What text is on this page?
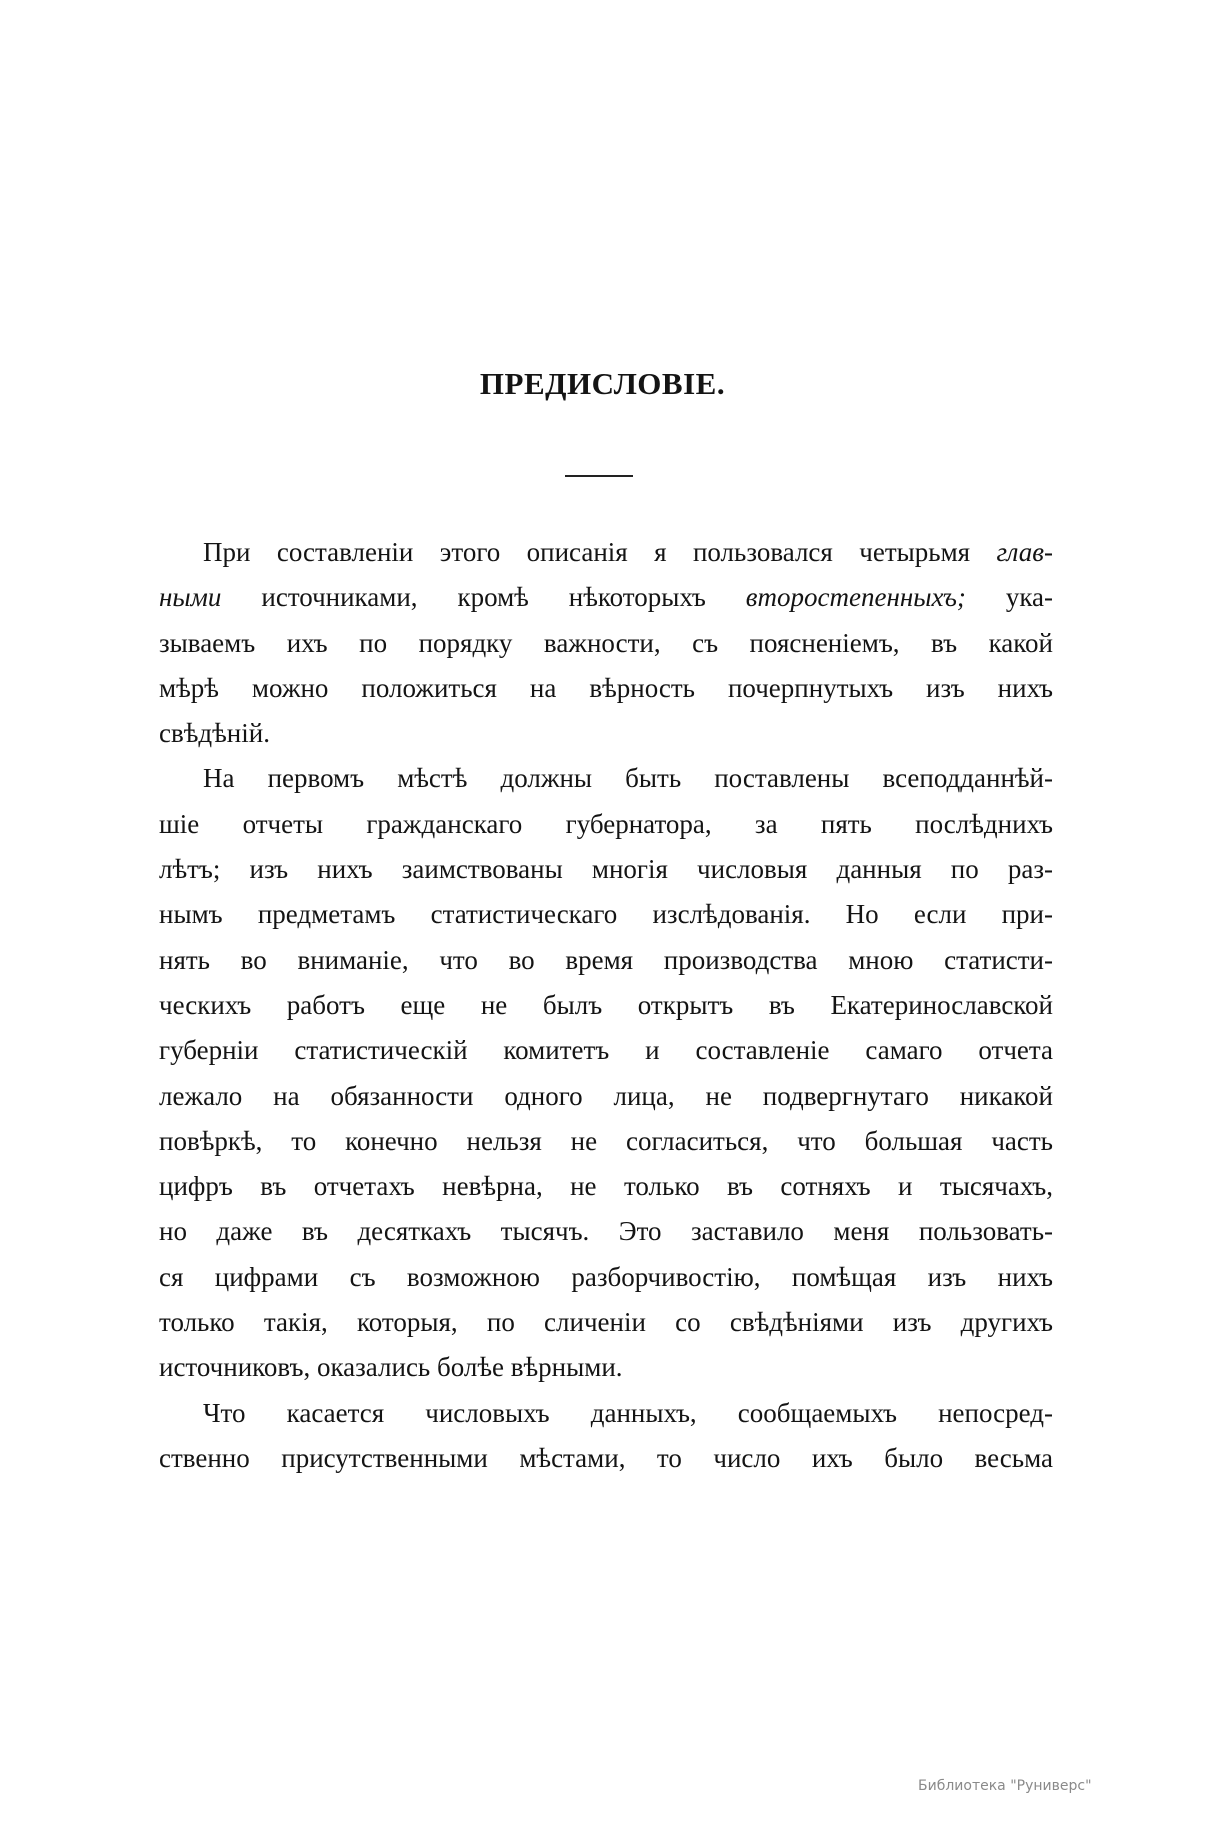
ПРЕДИСЛОВІЕ.
При составленіи этого описанія я пользовался четырьмя глав-
ными источниками, кромѣ нѣкоторыхъ второстепенныхъ; ука-
зываемъ ихъ по порядку важности, съ поясненіемъ, въ какой
мѣрѣ можно положиться на вѣрность почерпнутыхъ изъ нихъ
свѣдѣній.
На первомъ мѣстѣ должны быть поставлены всеподданнѣй-
шіе отчеты гражданскаго губернатора, за пять послѣднихъ
лѣтъ; изъ нихъ заимствованы многія числовыя данныя по раз-
нымъ предметамъ статистическаго изслѣдованія. Но если при-
нять во вниманіе, что во время производства мною статисти-
ческихъ работъ еще не былъ открытъ въ Екатеринославской
губерніи статистическій комитетъ и составленіе самаго отчета
лежало на обязанности одного лица, не подвергнутаго никакой
повѣркѣ, то конечно нельзя не согласиться, что большая часть
цифръ въ отчетахъ невѣрна, не только въ сотняхъ и тысячахъ,
но даже въ десяткахъ тысячъ. Это заставило меня пользовать-
ся цифрами съ возможною разборчивостію, помѣщая изъ нихъ
только такія, которыя, по сличеніи со свѣдѣніями изъ другихъ
источниковъ, оказались болѣе вѣрными.
Что касается числовыхъ данныхъ, сообщаемыхъ непосред-
ственно присутственными мѣстами, то число ихъ было весьма
Библиотека "Руниверс"
